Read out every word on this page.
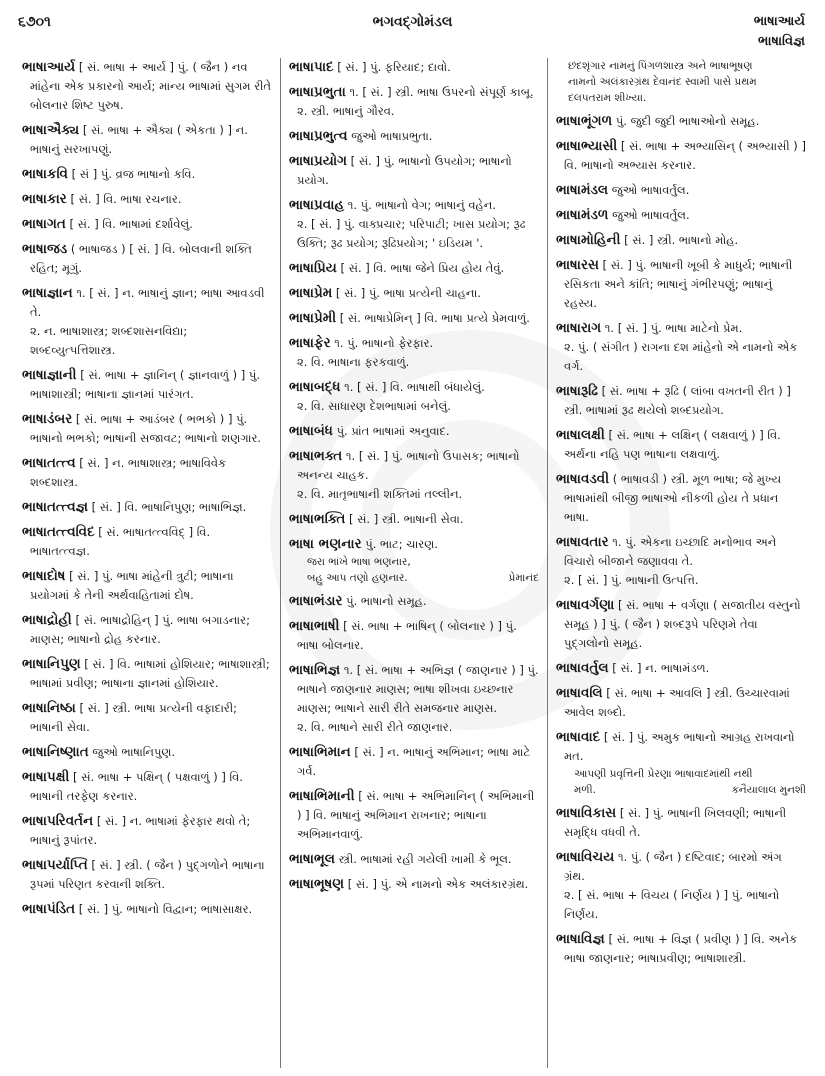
૬૭૦૧	ભગવદ્ગોમંડલ	ભાષાઆર્ય
ભાષાવિજ્ઞ

ભાષાઆર્ય [ સં. ભાષા + આર્ય ] પું. ( જૈન ) નવ માંહેના એક પ્રકારનો આર્ય; માન્ય ભાષામાં સુગમ રીતે બોલનાર શિષ્ટ પુરુષ.

ભાષાઐક્ય [ સં. ભાષા + ઐક્ય ( એકતા ) ] ન. ભાષાનું સરખાપણું.

ભાષાકવિ [ સં ] પું. વ્રજ ભાષાનો કવિ.

ભાષાકાર [ સં. ] વિ. ભાષા રચનાર.

ભાષાગત [ સં. ] વિ. ભાષામાં દર્શાવેલું.

ભાષાજડ ( ભાષાજડ ) [ સં. ] વિ. બોલવાની શક્તિ રહિત; મૂગું.

ભાષાજ્ઞાન ૧. [ સં. ] ન. ભાષાનું જ્ઞાન; ભાષા આવડવી તે.

૨. ન. ભાષાશાસ્ત્ર; શબ્દશાસનવિદ્યા; શબ્દવ્યુત્પત્તિશાસ્ત્ર.

ભાષાજ્ઞાની [ સં. ભાષા + જ્ઞાનિન્ ( જ્ઞાનવાળું ) ] પું. ભાષાશાસ્ત્રી; ભાષાના જ્ઞાનમાં પારંગત.

ભાષાડંબર [ સં. ભાષા + આડંબર ( ભભકો ) ] પું. ભાષાનો ભભકો; ભાષાની સજાવટ; ભાષાનો શણગાર.

ભાષાતત્ત્વ [ સં. ] ન. ભાષાશાસ્ત્ર; ભાષાવિવેક શબ્દશાસ્ત્ર.

ભાષાતત્ત્વજ્ઞ [ સં. ] વિ. ભાષાનિપુણ; ભાષાભિજ્ઞ.

ભાષાતત્ત્વવિદ [ સં. ભાષાતત્ત્વવિદ્ ] વિ. ભાષાતત્ત્વજ્ઞ.

ભાષાદોષ [ સં. ] પું. ભાષા માંહેની ત્રુટી; ભાષાના પ્રયોગમાં કે તેની અર્થવાહિતામાં દોષ.

ભાષાદ્રોહી [ સં. ભાષાદ્રોહિન્ ] પું. ભાષા બગાડનાર; માણસ; ભાષાનો દ્રોહ કરનાર.

ભાષાનિપુણ [ સં. ] વિ. ભાષામાં હોશિયાર; ભાષાશાસ્ત્રી; ભાષામાં પ્રવીણ; ભાષાના જ્ઞાનમાં હોશિયાર.

ભાષાનિષ્ઠા [ સં. ] સ્ત્રી. ભાષા પ્રત્યેની વફાદારી; ભાષાની સેવા.

ભાષાનિષ્ણાત જુઓ ભાષાનિપુણ.

ભાષાપક્ષી [ સં. ભાષા + પક્ષિન્ ( પક્ષવાળું ) ] વિ. ભાષાની તરફેણ કરનાર.

ભાષાપરિવર્તન [ સં. ] ન. ભાષામાં ફેરફાર થવો તે; ભાષાનું રૂપાંતર.

ભાષાપર્યાપ્તિ [ સં. ] સ્ત્રી. ( જૈન ) પુદ્ગળોને ભાષાના રૂપમાં પરિણત કરવાની શક્તિ.

ભાષાપંડિત [ સં. ] પું. ભાષાનો વિદ્વાન; ભાષાસાક્ષર.

ભાષાપાદ [ સં. ] પું. ફરિયાદ; દાવો.

ભાષાપ્રભુતા ૧. [ સં. ] સ્ત્રી. ભાષા ઉપરનો સંપૂર્ણ કાબૂ.

૨. સ્ત્રી. ભાષાનું ગૌરવ.

ભાષાપ્રભુત્વ જુઓ ભાષાપ્રભુતા.

ભાષાપ્રયોગ [ સં. ] પું. ભાષાનો ઉપયોગ; ભાષાનો પ્રયોગ.

ભાષાપ્રવાહ ૧. પું. ભાષાનો વેગ; ભાષાનું વહેન.

૨. [ સં. ] પું. વાક્પ્રચાર; પરિપાટી; ખાસ પ્રયોગ; રૂઢ ઉક્તિ; રૂઢ પ્રયોગ; રૂઢિપ્રયોગ; ' ઇડિયમ '.

ભાષાપ્રિય [ સં. ] વિ. ભાષા જેને પ્રિય હોય તેવું.

ભાષાપ્રેમ [ સં. ] પું. ભાષા પ્રત્યેની ચાહના.

ભાષાપ્રેમી [ સં. ભાષાપ્રેમિન્ ] વિ. ભાષા પ્રત્યે પ્રેમવાળું.

ભાષાફેર ૧. પું. ભાષાનો ફેરફાર.

૨. વિ. ભાષાના ફરકવાળું.

ભાષાબદ્ધ ૧. [ સં. ] વિ. ભાષાથી બંધાયેલું.

૨. વિ. સાધારણ દેશભાષામાં બનેલું.

ભાષાબંધ પું. પ્રાંત ભાષામાં અનુવાદ.

ભાષાભક્ત ૧. [ સં. ] પું. ભાષાનો ઉપાસક; ભાષાનો અનન્ય ચાહક.

૨. વિ. માતૃભાષાની શક્તિમાં તલ્લીન.

ભાષાભક્તિ [ સં. ] સ્ત્રી. ભાષાની સેવા.

ભાષા ભણનાર પું. ભાટ; ચારણ.

જરા ભાંખે ભાષા ભણનાર,
બહુ આપ તણો હણનાર.	પ્રેમાનંદ

ભાષાભંડાર પું. ભાષાનો સમૂહ.

ભાષાભાષી [ સં. ભાષા + ભાષિન્ ( બોલનાર ) ] પું. ભાષા બોલનાર.

ભાષાભિજ્ઞ ૧. [ સં. ભાષા + અભિજ્ઞ ( જાણનાર ) ] પું. ભાષાને જાણનાર માણસ; ભાષા શીખવા ઇચ્છનાર માણસ; ભાષાને સારી રીતે સમજનાર માણસ.

૨. વિ. ભાષાને સારી રીતે જાણનાર.

ભાષાભિમાન [ સં. ] ન. ભાષાનું અભિમાન; ભાષા માટે ગર્વ.

ભાષાભિમાની [ સં. ભાષા + અભિમાનિન્ ( અભિમાની ) ] વિ. ભાષાનું અભિમાન રાખનાર; ભાષાના અભિમાનવાળું.

ભાષાભૂલ સ્ત્રી. ભાષામાં રહી ગયેલી ખામી કે ભૂલ.

ભાષાભૂષણ [ સં. ] પું. એ નામનો એક અલંકારગ્રંથ.

છંદશૃંગાર નામનું પિંગળશાસ્ત્ર અને ભાષાભૂષણ
નામનો અલંકારગ્રંથ દેવાનંદ સ્વામી પાસે પ્રથમ
દલપતરામ શીખ્યા.

ભાષાભૂંગળ પું. જુદી જુદી ભાષાઓનો સમૂહ.

ભાષાભ્યાસી [ સં. ભાષા + અભ્યાસિન્ ( અભ્યાસી ) ] વિ. ભાષાનો અભ્યાસ કરનાર.

ભાષામંડલ જુઓ ભાષાવર્તુલ.

ભાષામંડળ જુઓ ભાષાવર્તુલ.

ભાષામોહિની [ સં. ] સ્ત્રી. ભાષાનો મોહ.

ભાષારસ [ સં. ] પું. ભાષાની ખૂબી કે માધુર્ય; ભાષાની રસિકતા અને કાંતિ; ભાષાનું ગંભીરપણું; ભાષાનું રહસ્ય.

ભાષારાગ ૧. [ સં. ] પું. ભાષા માટેનો પ્રેમ.

૨. પું. ( સંગીત ) રાગના દશ માંહેનો એ નામનો એક વર્ગ.

ભાષારૂઢિ [ સં. ભાષા + રૂઢિ ( લાંબા વખતની રીત ) ] સ્ત્રી. ભાષામાં રૂઢ થયેલો શબ્દપ્રયોગ.

ભાષાલક્ષી [ સં. ભાષા + લક્ષિન્ ( લક્ષવાળું ) ] વિ. અર્થના નહિ પણ ભાષાના લક્ષવાળું.

ભાષાવડવી ( ભાષાવડી ) સ્ત્રી. મૂળ ભાષા; જે મુખ્ય ભાષામાંથી બીજી ભાષાઓ નીકળી હોય તે પ્રધાન ભાષા.

ભાષાવતાર ૧. પું. એકના ઇચ્છાદિ મનોભાવ અને વિચારો બીજાને જણાવવા તે.

૨. [ સં. ] પું. ભાષાની ઉત્પત્તિ.

ભાષાવર્ગણા [ સં. ભાષા + વર્ગણા ( સજાતીય વસ્તુનો સમૂહ ) ] પું. ( જૈન ) શબ્દરૂપે પરિણમે તેવા પુદ્ગલોનો સમૂહ.

ભાષાવર્તુલ [ સં. ] ન. ભાષામંડળ.

ભાષાવલિ [ સં. ભાષા + આવલિ ] સ્ત્રી. ઉચ્ચારવામાં આવેલ શબ્દો.

ભાષાવાદ [ સં. ] પું. અમુક ભાષાનો આગ્રહ રાખવાનો મત.

આપણી પ્રવૃત્તિની પ્રેરણા ભાષાવાદમાંથી નથી
મળી.	કનૈયાલાલ મુનશી

ભાષાવિકાસ [ સં. ] પું. ભાષાની ખિલવણી; ભાષાની સમૃદ્ધિ વધવી તે.

ભાષાવિચય ૧. પું. ( જૈન ) દષ્ટિવાદ; બારમો અંગ ગ્રંથ.

૨. [ સં. ભાષા + વિચય ( નિર્ણય ) ] પું. ભાષાનો નિર્ણય.

ભાષાવિજ્ઞ [ સં. ભાષા + વિજ્ઞ ( પ્રવીણ ) ] વિ. અનેક ભાષા જાણનાર; ભાષાપ્રવીણ; ભાષાશાસ્ત્રી.
